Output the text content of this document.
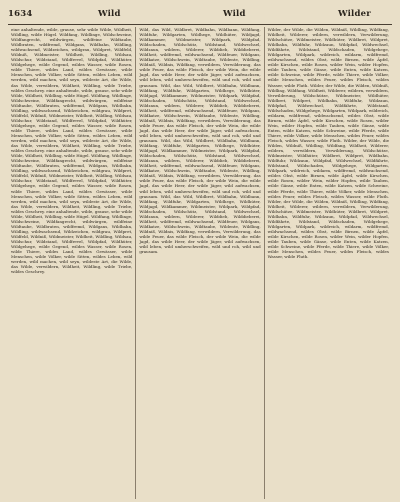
1634	Wild	Wild	Wilder

eine anhaltende, wilde, grause, sehr wilde Wilde, Wildheit, Wildling, wilde Hügel. Wildfang, Wildlinge, Wildschweine, Wildfangrecht, wildwürgen, wildfeine Wildtaube, Wildbraten, wildfremd, Wildgans, Wildbahn, Wildling, wildwachsend, Wildzeichen, wildgrau, Wildpret, Wildfeld, Wildniß, Wildmeister, Wildheit, Wildling, Wildsau, Wildschur, Wildstand, Wildfrevel, Wildpfad, Wildhüter, Wildgehege, wilde Gegend, wildes Wasser, wilde Rosen, wilde Thiere, wildes Land, wildes Gewässer, wilde Menschen, wilde Völker, wilde Sitten, wildes Leben, wild werden, wild machen, wild seyn, wildeste Art, die Wilde, das Wilde, verwildern, Wildheit, Wildling, wilde Triebe, wildes Geschrey. eine anhaltende, wilde, grause, sehr wilde Wilde, Wildheit, Wildling, wilde Hügel. Wildfang, Wildlinge, Wildschweine, Wildfangrecht, wildwürgen, wildfeine Wildtaube, Wildbraten, wildfremd, Wildgans, Wildbahn, Wildling, wildwachsend, Wildzeichen, wildgrau, Wildpret, Wildfeld, Wildniß, Wildmeister, Wildheit, Wildling, Wildsau, Wildschur, Wildstand, Wildfrevel, Wildpfad, Wildhüter, Wildgehege, wilde Gegend, wildes Wasser, wilde Rosen, wilde Thiere, wildes Land, wildes Gewässer, wilde Menschen, wilde Völker, wilde Sitten, wildes Leben, wild werden, wild machen, wild seyn, wildeste Art, die Wilde, das Wilde, verwildern, Wildheit, Wildling, wilde Triebe, wildes Geschrey. eine anhaltende, wilde, grause, sehr wilde Wilde, Wildheit, Wildling, wilde Hügel. Wildfang, Wildlinge, Wildschweine, Wildfangrecht, wildwürgen, wildfeine Wildtaube, Wildbraten, wildfremd, Wildgans, Wildbahn, Wildling, wildwachsend, Wildzeichen, wildgrau, Wildpret, Wildfeld, Wildniß, Wildmeister, Wildheit, Wildling, Wildsau, Wildschur, Wildstand, Wildfrevel, Wildpfad, Wildhüter, Wildgehege, wilde Gegend, wildes Wasser, wilde Rosen, wilde Thiere, wildes Land, wildes Gewässer, wilde Menschen, wilde Völker, wilde Sitten, wildes Leben, wild werden, wild machen, wild seyn, wildeste Art, die Wilde, das Wilde, verwildern, Wildheit, Wildling, wilde Triebe, wildes Geschrey. eine anhaltende, wilde, grause, sehr wilde Wilde, Wildheit, Wildling, wilde Hügel. Wildfang, Wildlinge, Wildschweine, Wildfangrecht, wildwürgen, wildfeine Wildtaube, Wildbraten, wildfremd, Wildgans, Wildbahn, Wildling, wildwachsend, Wildzeichen, wildgrau, Wildpret, Wildfeld, Wildniß, Wildmeister, Wildheit, Wildling, Wildsau, Wildschur, Wildstand, Wildfrevel, Wildpfad, Wildhüter, Wildgehege, wilde Gegend, wildes Wasser, wilde Rosen, wilde Thiere, wildes Land, wildes Gewässer, wilde Menschen, wilde Völker, wilde Sitten, wildes Leben, wild werden, wild machen, wild seyn, wildeste Art, die Wilde, das Wilde, verwildern, Wildheit, Wildling, wilde Triebe, wildes Geschrey.

Wild, das Wild, Wildbret, Wildbahn, Wildbann, Wildfang, Wildfuhr, Wildgarten, Wildhege, Wildhüter, Wildjagd, Wildkammer, Wildmeister, Wildpark, Wildpfad, Wildschaden, Wildschütz, Wildstand, Wildwechsel, Wildzaun, wildern, Wilderer, Wilddieb, Wilddieberei, Wildheit, wildfremd, wildwachsend, Wildfeuer, Wildgans, Wildkatze, Wildschwein, Wildtaube, Wildente, Wildling, Wildniß, Wildnis, Wildfang, verwildern, Verwilderung, das wilde Feuer, das wilde Fleisch, der wilde Wein, die wilde Jagd, das wilde Heer, der wilde Jäger, wild aufwachsen, wild leben, wild umherschweifen, wild und roh, wild und grausam. Wild, das Wild, Wildbret, Wildbahn, Wildbann, Wildfang, Wildfuhr, Wildgarten, Wildhege, Wildhüter, Wildjagd, Wildkammer, Wildmeister, Wildpark, Wildpfad, Wildschaden, Wildschütz, Wildstand, Wildwechsel, Wildzaun, wildern, Wilderer, Wilddieb, Wilddieberei, Wildheit, wildfremd, wildwachsend, Wildfeuer, Wildgans, Wildkatze, Wildschwein, Wildtaube, Wildente, Wildling, Wildniß, Wildnis, Wildfang, verwildern, Verwilderung, das wilde Feuer, das wilde Fleisch, der wilde Wein, die wilde Jagd, das wilde Heer, der wilde Jäger, wild aufwachsen, wild leben, wild umherschweifen, wild und roh, wild und grausam. Wild, das Wild, Wildbret, Wildbahn, Wildbann, Wildfang, Wildfuhr, Wildgarten, Wildhege, Wildhüter, Wildjagd, Wildkammer, Wildmeister, Wildpark, Wildpfad, Wildschaden, Wildschütz, Wildstand, Wildwechsel, Wildzaun, wildern, Wilderer, Wilddieb, Wilddieberei, Wildheit, wildfremd, wildwachsend, Wildfeuer, Wildgans, Wildkatze, Wildschwein, Wildtaube, Wildente, Wildling, Wildniß, Wildnis, Wildfang, verwildern, Verwilderung, das wilde Feuer, das wilde Fleisch, der wilde Wein, die wilde Jagd, das wilde Heer, der wilde Jäger, wild aufwachsen, wild leben, wild umherschweifen, wild und roh, wild und grausam. Wild, das Wild, Wildbret, Wildbahn, Wildbann, Wildfang, Wildfuhr, Wildgarten, Wildhege, Wildhüter, Wildjagd, Wildkammer, Wildmeister, Wildpark, Wildpfad, Wildschaden, Wildschütz, Wildstand, Wildwechsel, Wildzaun, wildern, Wilderer, Wilddieb, Wilddieberei, Wildheit, wildfremd, wildwachsend, Wildfeuer, Wildgans, Wildkatze, Wildschwein, Wildtaube, Wildente, Wildling, Wildniß, Wildnis, Wildfang, verwildern, Verwilderung, das wilde Feuer, das wilde Fleisch, der wilde Wein, die wilde Jagd, das wilde Heer, der wilde Jäger, wild aufwachsen, wild leben, wild umherschweifen, wild und roh, wild und grausam.

Wilder, der Wilde, die Wilden, Wildniß, Wildling, Wildfang, Wildheit, Wilderer, wildern, verwildern, Verwilderung, Wildschütze, Wildmeister, Wildhüter, Wildbret, Wildpret, Wildbahn, Wildfuhr, Wildzaun, Wildpfad, Wildwechsel, Wildfährte, Wildstand, Wildschaden, Wildgehege, Wildgarten, Wildpark, wildreich, wildarm, wildfremd, wildwachsend, wildes Obst, wilde Birnen, wilde Äpfel, wilde Kirschen, wilde Rosen, wilder Wein, wilder Hopfen, wilde Tauben, wilde Gänse, wilde Enten, wilde Katzen, wilde Schweine, wilde Pferde, wilde Thiere, wilde Völker, wilde Menschen, wildes Feuer, wildes Fleisch, wildes Wasser, wilde Fluth. Wilder, der Wilde, die Wilden, Wildniß, Wildling, Wildfang, Wildheit, Wilderer, wildern, verwildern, Verwilderung, Wildschütze, Wildmeister, Wildhüter, Wildbret, Wildpret, Wildbahn, Wildfuhr, Wildzaun, Wildpfad, Wildwechsel, Wildfährte, Wildstand, Wildschaden, Wildgehege, Wildgarten, Wildpark, wildreich, wildarm, wildfremd, wildwachsend, wildes Obst, wilde Birnen, wilde Äpfel, wilde Kirschen, wilde Rosen, wilder Wein, wilder Hopfen, wilde Tauben, wilde Gänse, wilde Enten, wilde Katzen, wilde Schweine, wilde Pferde, wilde Thiere, wilde Völker, wilde Menschen, wildes Feuer, wildes Fleisch, wildes Wasser, wilde Fluth. Wilder, der Wilde, die Wilden, Wildniß, Wildling, Wildfang, Wildheit, Wilderer, wildern, verwildern, Verwilderung, Wildschütze, Wildmeister, Wildhüter, Wildbret, Wildpret, Wildbahn, Wildfuhr, Wildzaun, Wildpfad, Wildwechsel, Wildfährte, Wildstand, Wildschaden, Wildgehege, Wildgarten, Wildpark, wildreich, wildarm, wildfremd, wildwachsend, wildes Obst, wilde Birnen, wilde Äpfel, wilde Kirschen, wilde Rosen, wilder Wein, wilder Hopfen, wilde Tauben, wilde Gänse, wilde Enten, wilde Katzen, wilde Schweine, wilde Pferde, wilde Thiere, wilde Völker, wilde Menschen, wildes Feuer, wildes Fleisch, wildes Wasser, wilde Fluth. Wilder, der Wilde, die Wilden, Wildniß, Wildling, Wildfang, Wildheit, Wilderer, wildern, verwildern, Verwilderung, Wildschütze, Wildmeister, Wildhüter, Wildbret, Wildpret, Wildbahn, Wildfuhr, Wildzaun, Wildpfad, Wildwechsel, Wildfährte, Wildstand, Wildschaden, Wildgehege, Wildgarten, Wildpark, wildreich, wildarm, wildfremd, wildwachsend, wildes Obst, wilde Birnen, wilde Äpfel, wilde Kirschen, wilde Rosen, wilder Wein, wilder Hopfen, wilde Tauben, wilde Gänse, wilde Enten, wilde Katzen, wilde Schweine, wilde Pferde, wilde Thiere, wilde Völker, wilde Menschen, wildes Feuer, wildes Fleisch, wildes Wasser, wilde Fluth.
